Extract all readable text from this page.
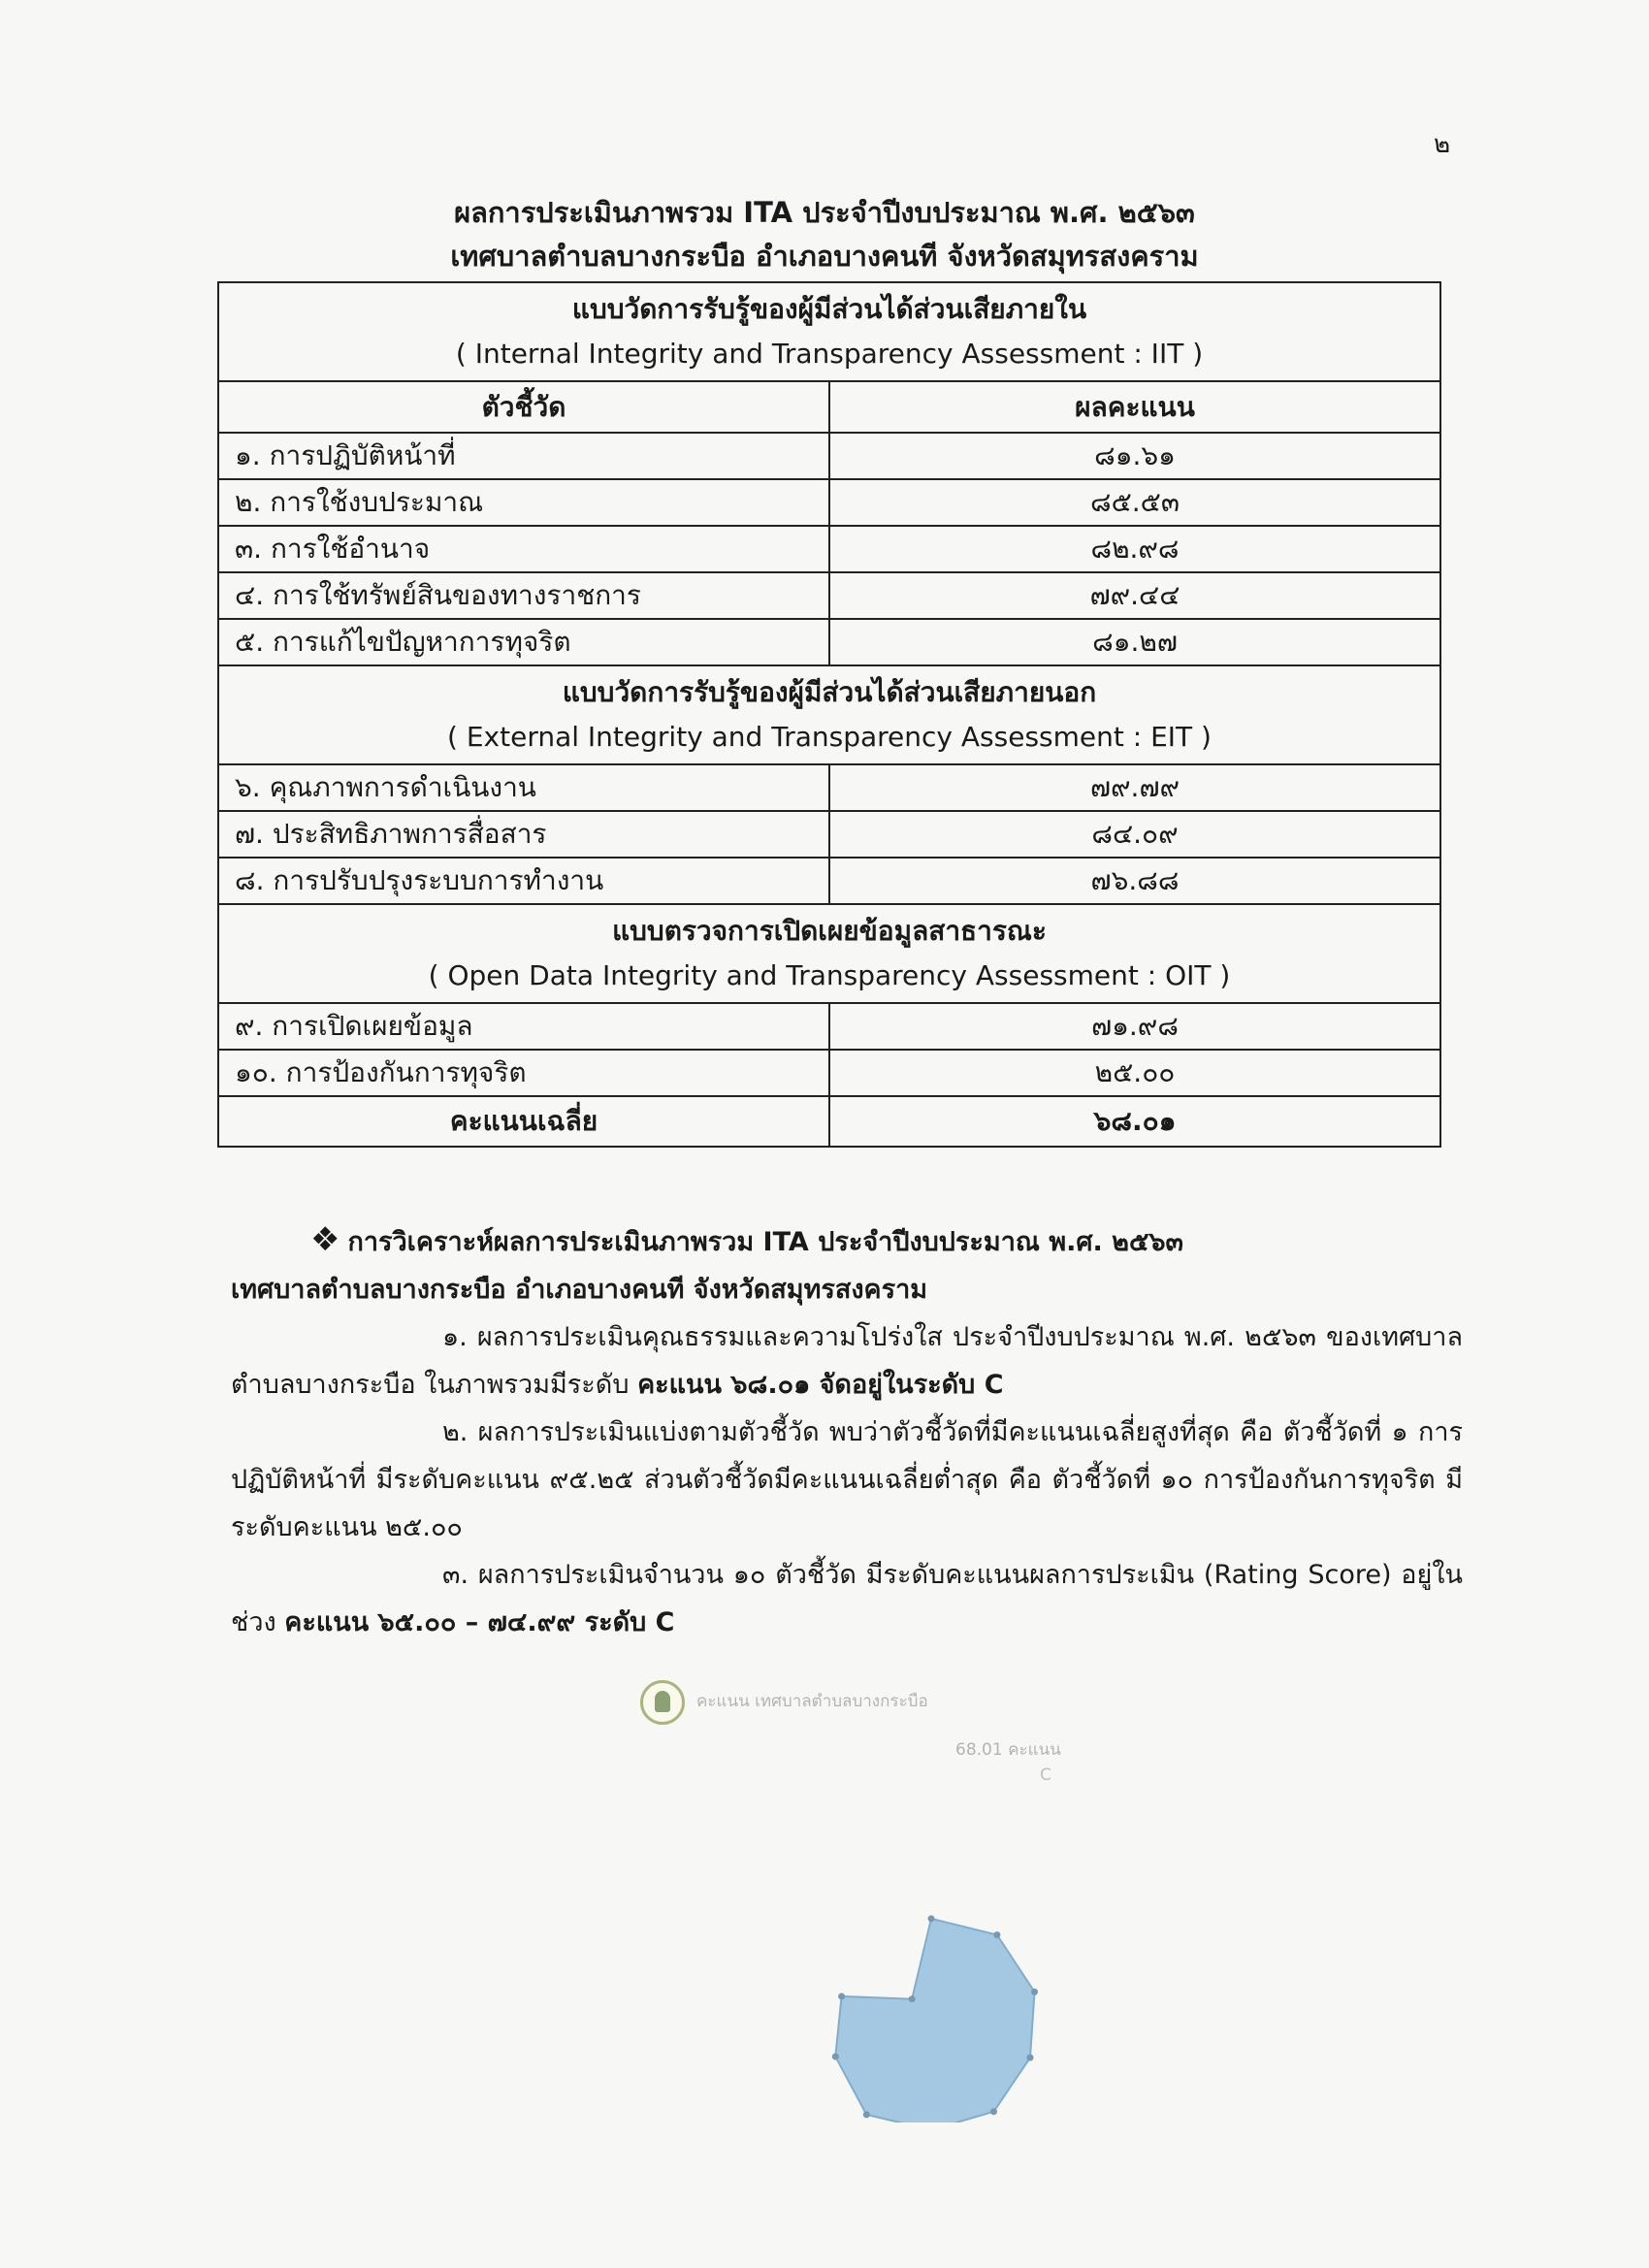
๒
ผลการประเมินภาพรวม ITA ประจำปีงบประมาณ พ.ศ. ๒๕๖๓
เทศบาลตำบลบางกระบือ อำเภอบางคนที จังหวัดสมุทรสงคราม
แบบวัดการรับรู้ของผู้มีส่วนได้ส่วนเสียภายใน
( Internal Integrity and Transparency Assessment : IIT )	

ตัวชี้วัด	ผลคะแนน
๑. การปฏิบัติหน้าที่	๘๑.๖๑
๒. การใช้งบประมาณ	๘๕.๕๓
๓. การใช้อำนาจ	๘๒.๙๘
๔. การใช้ทรัพย์สินของทางราชการ	๗๙.๔๔
๕. การแก้ไขปัญหาการทุจริต	๘๑.๒๗

แบบวัดการรับรู้ของผู้มีส่วนได้ส่วนเสียภายนอก
( External Integrity and Transparency Assessment : EIT )	

๖. คุณภาพการดำเนินงาน	๗๙.๗๙
๗. ประสิทธิภาพการสื่อสาร	๘๔.๐๙
๘. การปรับปรุงระบบการทำงาน	๗๖.๘๘

แบบตรวจการเปิดเผยข้อมูลสาธารณะ
( Open Data Integrity and Transparency Assessment : OIT )	

๙. การเปิดเผยข้อมูล	๗๑.๙๘
๑๐. การป้องกันการทุจริต	๒๕.๐๐
คะแนนเฉลี่ย	๖๘.๐๑

❖ การวิเคราะห์ผลการประเมินภาพรวม ITA ประจำปีงบประมาณ พ.ศ. ๒๕๖๓

เทศบาลตำบลบางกระบือ อำเภอบางคนที จังหวัดสมุทรสงคราม

๑. ผลการประเมินคุณธรรมและความโปร่งใส ประจำปีงบประมาณ พ.ศ. ๒๕๖๓ ของเทศบาลตำบลบางกระบือ ในภาพรวมมีระดับ คะแนน ๖๘.๐๑ จัดอยู่ในระดับ C

๒. ผลการประเมินแบ่งตามตัวชี้วัด พบว่าตัวชี้วัดที่มีคะแนนเฉลี่ยสูงที่สุด คือ ตัวชี้วัดที่ ๑ การปฏิบัติหน้าที่ มีระดับคะแนน ๙๕.๒๕ ส่วนตัวชี้วัดมีคะแนนเฉลี่ยต่ำสุด คือ ตัวชี้วัดที่ ๑๐ การป้องกันการทุจริต มีระดับคะแนน ๒๕.๐๐

๓. ผลการประเมินจำนวน ๑๐ ตัวชี้วัด มีระดับคะแนนผลการประเมิน (Rating Score) อยู่ในช่วง คะแนน ๖๕.๐๐ – ๗๔.๙๙ ระดับ C

คะแนน เทศบาลตำบลบางกระบือ
68.01 คะแนน
C
